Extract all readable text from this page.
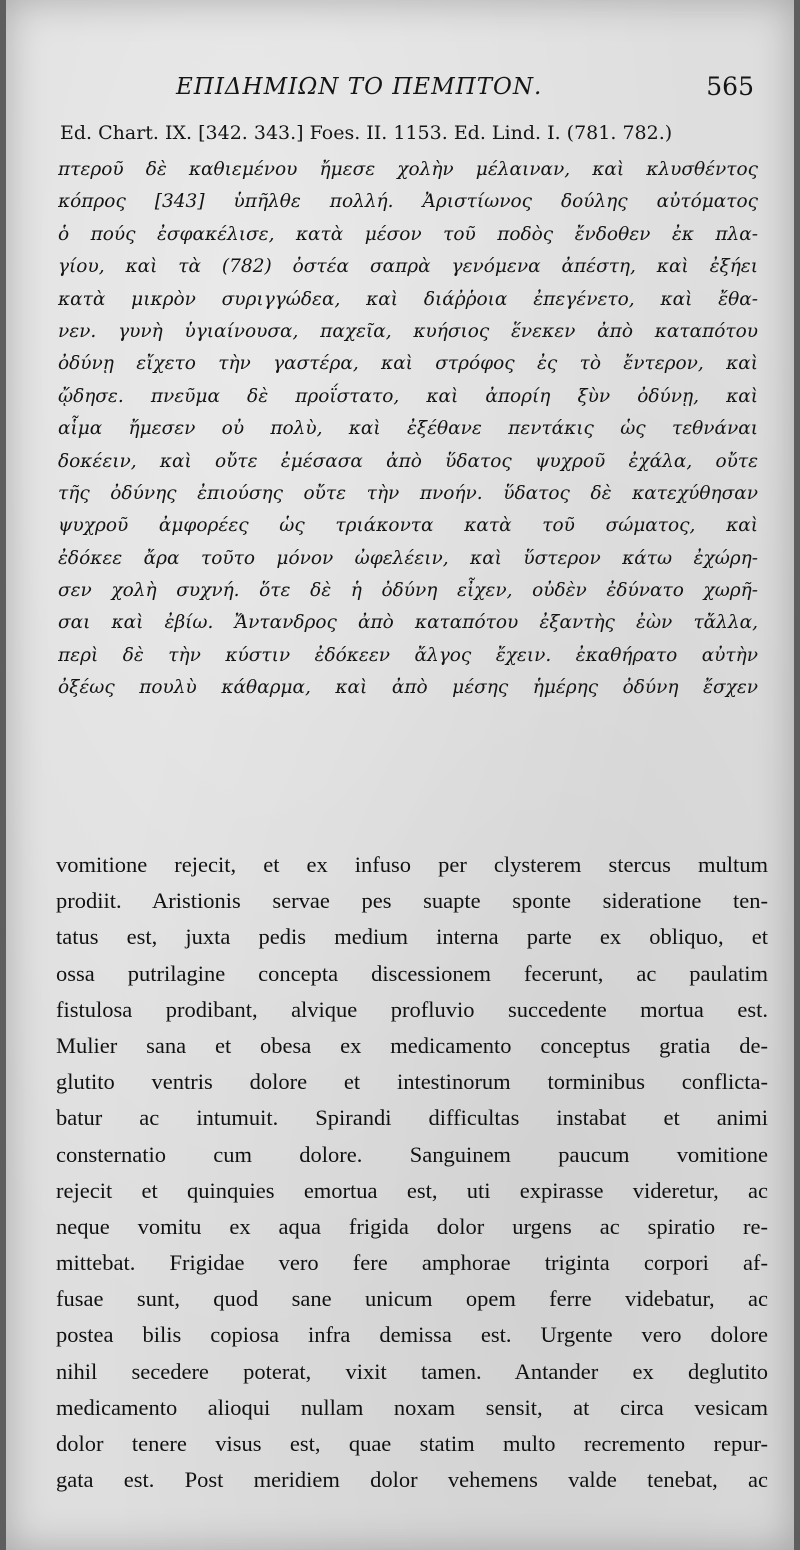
ΕΠΙΔΗΜΙΩΝ ΤΟ ΠΕΜΠΤΟΝ.	565
Ed. Chart. IX. [342. 343.] Foes. II. 1153. Ed. Lind. I. (781. 782.)
πτεροῦ δὲ καθιεμένου ἤμεσε χολὴν μέλαιναν, καὶ κλυσθέντος
κόπρος [343] ὑπῆλθε πολλή. Ἀριστίωνος δούλης αὐτόματος
ὁ πούς ἐσφακέλισε, κατὰ μέσον τοῦ ποδὸς ἔνδοθεν ἐκ πλα-
γίου, καὶ τὰ (782) ὀστέα σαπρὰ γενόμενα ἀπέστη, καὶ ἐξήει
κατὰ μικρὸν συριγγώδεα, καὶ διάῤῥοια ἐπεγένετο, καὶ ἔθα-
νεν. γυνὴ ὑγιαίνουσα, παχεῖα, κυήσιος ἕνεκεν ἀπὸ καταπότου
ὀδύνῃ εἴχετο τὴν γαστέρα, καὶ στρόφος ἐς τὸ ἔντερον, καὶ
ᾤδησε. πνεῦμα δὲ προΐστατο, καὶ ἀπορίη ξὺν ὀδύνῃ, καὶ
αἷμα ἤμεσεν οὐ πολὺ, καὶ ἐξέθανε πεντάκις ὡς τεθνάναι
δοκέειν, καὶ οὔτε ἐμέσασα ἀπὸ ὕδατος ψυχροῦ ἐχάλα, οὔτε
τῆς ὀδύνης ἐπιούσης οὔτε τὴν πνοήν. ὕδατος δὲ κατεχύθησαν
ψυχροῦ ἀμφορέες ὡς τριάκοντα κατὰ τοῦ σώματος, καὶ
ἐδόκεε ἄρα τοῦτο μόνον ὠφελέειν, καὶ ὕστερον κάτω ἐχώρη-
σεν χολὴ συχνή. ὅτε δὲ ἡ ὀδύνη εἶχεν, οὐδὲν ἐδύνατο χωρῆ-
σαι καὶ ἐβίω. Ἄντανδρος ἀπὸ καταπότου ἐξαντὴς ἐὼν τἄλλα,
περὶ δὲ τὴν κύστιν ἐδόκεεν ἄλγος ἔχειν. ἐκαθήρατο αὐτὴν
ὀξέως πουλὺ κάθαρμα, καὶ ἀπὸ μέσης ἡμέρης ὀδύνη ἔσχεν
vomitione rejecit, et ex infuso per clysterem stercus multum
prodiit. Aristionis servae pes suapte sponte sideratione ten-
tatus est, juxta pedis medium interna parte ex obliquo, et
ossa putrilagine concepta discessionem fecerunt, ac paulatim
fistulosa prodibant, alvique profluvio succedente mortua est.
Mulier sana et obesa ex medicamento conceptus gratia de-
glutito ventris dolore et intestinorum torminibus conflicta-
batur ac intumuit. Spirandi difficultas instabat et animi
consternatio cum dolore. Sanguinem paucum vomitione
rejecit et quinquies emortua est, uti expirasse videretur, ac
neque vomitu ex aqua frigida dolor urgens ac spiratio re-
mittebat. Frigidae vero fere amphorae triginta corpori af-
fusae sunt, quod sane unicum opem ferre videbatur, ac
postea bilis copiosa infra demissa est. Urgente vero dolore
nihil secedere poterat, vixit tamen. Antander ex deglutito
medicamento alioqui nullam noxam sensit, at circa vesicam
dolor tenere visus est, quae statim multo recremento repur-
gata est. Post meridiem dolor vehemens valde tenebat, ac
